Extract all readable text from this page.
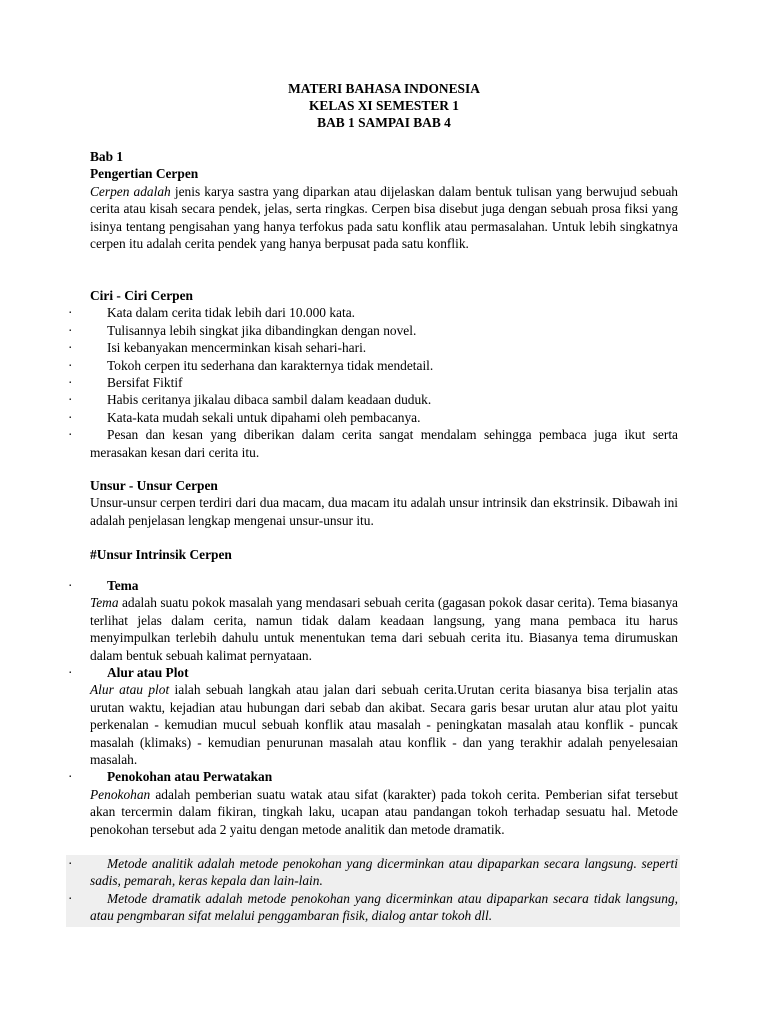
MATERI BAHASA INDONESIA
KELAS XI SEMESTER 1
BAB 1 SAMPAI BAB 4
Bab 1
Pengertian Cerpen
Cerpen adalah jenis karya sastra yang diparkan atau dijelaskan dalam bentuk tulisan yang berwujud sebuah cerita atau kisah secara pendek, jelas, serta ringkas. Cerpen bisa disebut juga dengan sebuah prosa fiksi yang isinya tentang pengisahan yang hanya terfokus pada satu konflik atau permasalahan. Untuk lebih singkatnya cerpen itu adalah cerita pendek yang hanya berpusat pada satu konflik.
Ciri - Ciri Cerpen
·	Kata dalam cerita tidak lebih dari 10.000 kata.
·	Tulisannya lebih singkat jika dibandingkan dengan novel.
·	Isi kebanyakan mencerminkan kisah sehari-hari.
·	Tokoh cerpen itu sederhana dan karakternya tidak mendetail.
·	Bersifat Fiktif
·	Habis ceritanya jikalau dibaca sambil dalam keadaan duduk.
·	Kata-kata mudah sekali untuk dipahami oleh pembacanya.
·	Pesan dan kesan yang diberikan dalam cerita sangat mendalam sehingga pembaca juga ikut serta merasakan kesan dari cerita itu.
Unsur - Unsur Cerpen
Unsur-unsur cerpen terdiri dari dua macam, dua macam itu adalah unsur intrinsik dan ekstrinsik. Dibawah ini adalah penjelasan lengkap mengenai unsur-unsur itu.
#Unsur Intrinsik Cerpen
·	Tema
Tema adalah suatu pokok masalah yang mendasari sebuah cerita (gagasan pokok dasar cerita). Tema biasanya terlihat jelas dalam cerita, namun tidak dalam keadaan langsung, yang mana pembaca itu harus menyimpulkan terlebih dahulu untuk menentukan tema dari sebuah cerita itu. Biasanya tema dirumuskan dalam bentuk sebuah kalimat pernyataan.
·	Alur atau Plot
Alur atau plot ialah sebuah langkah atau jalan dari sebuah cerita.Urutan cerita biasanya bisa terjalin atas urutan waktu, kejadian atau hubungan dari sebab dan akibat. Secara garis besar urutan alur atau plot yaitu perkenalan - kemudian mucul sebuah konflik atau masalah - peningkatan masalah atau konflik - puncak masalah (klimaks) - kemudian penurunan masalah atau konflik - dan yang terakhir adalah penyelesaian masalah.
·	Penokohan atau Perwatakan
Penokohan adalah pemberian suatu watak atau sifat (karakter) pada tokoh cerita. Pemberian sifat tersebut akan tercermin dalam fikiran, tingkah laku, ucapan atau pandangan tokoh terhadap sesuatu hal. Metode penokohan tersebut ada 2 yaitu dengan metode analitik dan metode dramatik.
·	Metode analitik adalah metode penokohan yang dicerminkan atau dipaparkan secara langsung. seperti sadis, pemarah, keras kepala dan lain-lain.
·	Metode dramatik adalah metode penokohan yang dicerminkan atau dipaparkan secara tidak langsung, atau pengmbaran sifat melalui penggambaran fisik, dialog antar tokoh dll.
